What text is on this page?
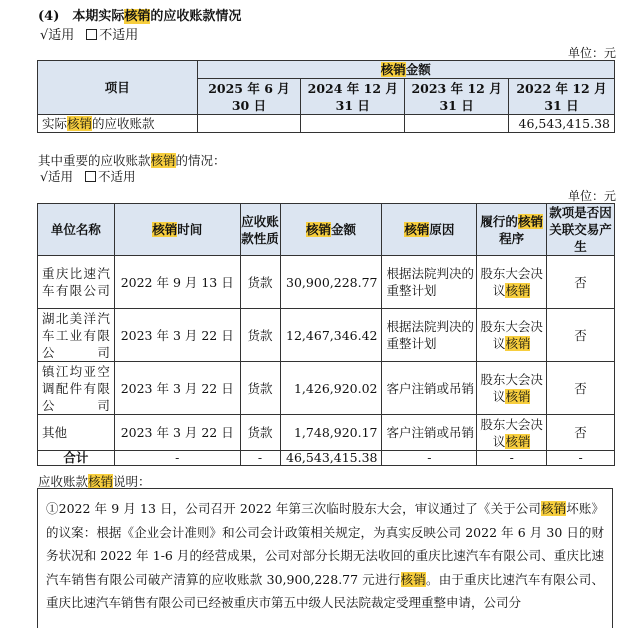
(4)　本期实际核销的应收账款情况
√适用 不适用
单位：元
项目	核销金额			
	2025 年 6 月 30 日	2024 年 12 月 31 日	2023 年 12 月 31 日	2022 年 12 月 31 日
实际核销的应收账款				46,543,415.38
其中重要的应收账款核销的情况：
√适用 不适用
单位：元
单位名称	核销时间	应收账款性质	核销金额	核销原因	履行的核销程序	款项是否因关联交易产生
重庆比速汽车有限公司	2022 年 9 月 13 日	货款	30,900,228.77	根据法院判决的重整计划	股东大会决议核销	否
湖北美洋汽车工业有限公司	2023 年 3 月 22 日	货款	12,467,346.42	根据法院判决的重整计划	股东大会决议核销	否
镇江均亚空调配件有限公司	2023 年 3 月 22 日	货款	1,426,920.02	客户注销或吊销	股东大会决议核销	否
其他	2023 年 3 月 22 日	货款	1,748,920.17	客户注销或吊销	股东大会决议核销	否
合计	-	-	46,543,415.38	-	-	-
应收账款核销说明：
①2022 年 9 月 13 日，公司召开 2022 年第三次临时股东大会，审议通过了《关于公司核销坏账》的议案：根据《企业会计准则》和公司会计政策相关规定，为真实反映公司 2022 年 6 月 30 日的财务状况和 2022 年 1-6 月的经营成果，公司对部分长期无法收回的重庆比速汽车有限公司、重庆比速汽车销售有限公司破产清算的应收账款 30,900,228.77 元进行核销。由于重庆比速汽车有限公司、重庆比速汽车销售有限公司已经被重庆市第五中级人民法院裁定受理重整申请，公司分
